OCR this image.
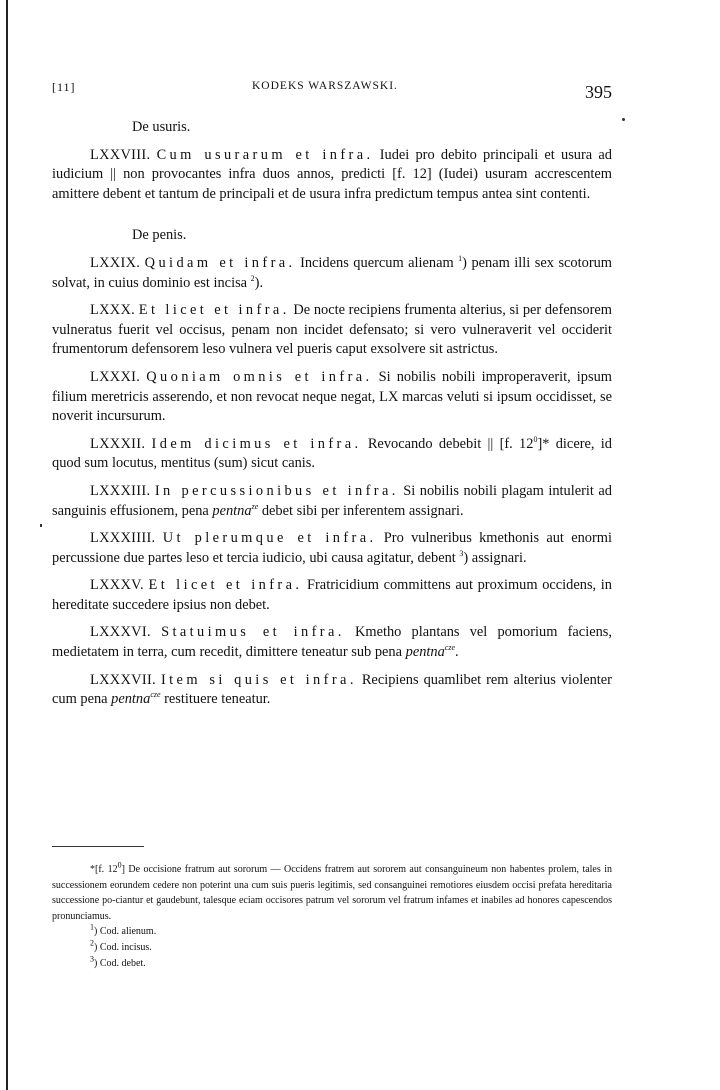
[11]	KODEKS WARSZAWSKI.	395
De usuris.

LXXVIII. Cum usurarum et infra. Iudei pro debito principali et usura ad iudicium || non provocantes infra duos annos, predicti [f. 12] (Iudei) usuram accrescentem amittere debent et tantum de principali et de usura infra predictum tempus antea sint contenti.

De penis.

LXXIX. Quidam et infra. Incidens quercum alienam $^1$) penam illi sex scotorum solvat, in cuius dominio est incisa $^2$).

LXXX. Et licet et infra. De nocte recipiens frumenta alterius, si per defensorem vulneratus fuerit vel occisus, penam non incidet defensato; si vero vulneraverit vel occiderit frumentorum defensorem leso vulnera vel pueris caput exsolvere sit astrictus.

LXXXI. Quoniam omnis et infra. Si nobilis nobili improperaverit, ipsum filium meretricis asserendo, et non revocat neque negat, LX marcas veluti si ipsum occidisset, se noverit incursurum.

LXXXII. Idem dicimus et infra. Revocando debebit || [f. $12^0]*$ dicere, id quod sum locutus, mentitus (sum) sicut canis.

LXXXIII. In percussionibus et infra. Si nobilis nobili plagam intulerit ad sanguinis effusionem, pena pentna$^{ze}$ debet sibi per inferentem assignari.

LXXXIIII. Ut plerumque et infra. Pro vulneribus kmethonis aut enormi percussione due partes leso et tercia iudicio, ubi causa agitatur, debent $^3$) assignari.

LXXXV. Et licet et infra. Fratricidium committens aut proximum occidens, in hereditate succedere ipsius non debet.

LXXXVI. Statuimus et infra. Kmetho plantans vel pomorium faciens, medietatem in terra, cum recedit, dimittere teneatur sub pena pentna$^{cze}$.

LXXXVII. Item si quis et infra. Recipiens quamlibet rem alterius violenter cum pena pentna$^{cze}$ restituere teneatur.

*[f. $12^0$] De occisione fratrum aut sororum — Occidens fratrem aut sororem aut consanguineum non habentes prolem, tales in successionem eorundem cedere non poterint una cum suis pueris legitimis, sed consanguinei remotiores eiusdem occisi prefata hereditaria successione po-ciantur et gaudebunt, talesque eciam occisores patrum vel sororum vel fratrum infames et inabiles ad honores capescendos pronunciamus.

$^1$) Cod. alienum.

$^2$) Cod. incisus.

$^3$) Cod. debet.
